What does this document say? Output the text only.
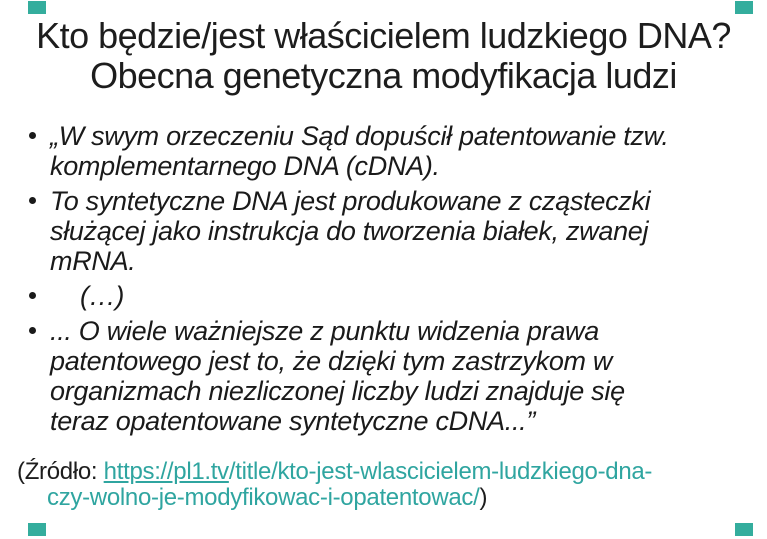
Kto będzie/jest właścicielem ludzkiego DNA?
Obecna genetyczna modyfikacja ludzi
„W swym orzeczeniu Sąd dopuścił patentowanie tzw.
komplementarnego DNA (cDNA).
To syntetyczne DNA jest produkowane z cząsteczki
służącej jako instrukcja do tworzenia białek, zwanej
mRNA.
(…)
... O wiele ważniejsze z punktu widzenia prawa
patentowego jest to, że dzięki tym zastrzykom w
organizmach niezliczonej liczby ludzi znajduje się
teraz opatentowane syntetyczne cDNA...”
(Źródło: https://pl1.tv/title/kto-jest-wlascicielem-ludzkiego-dna-
czy-wolno-je-modyfikowac-i-opatentowac/)
